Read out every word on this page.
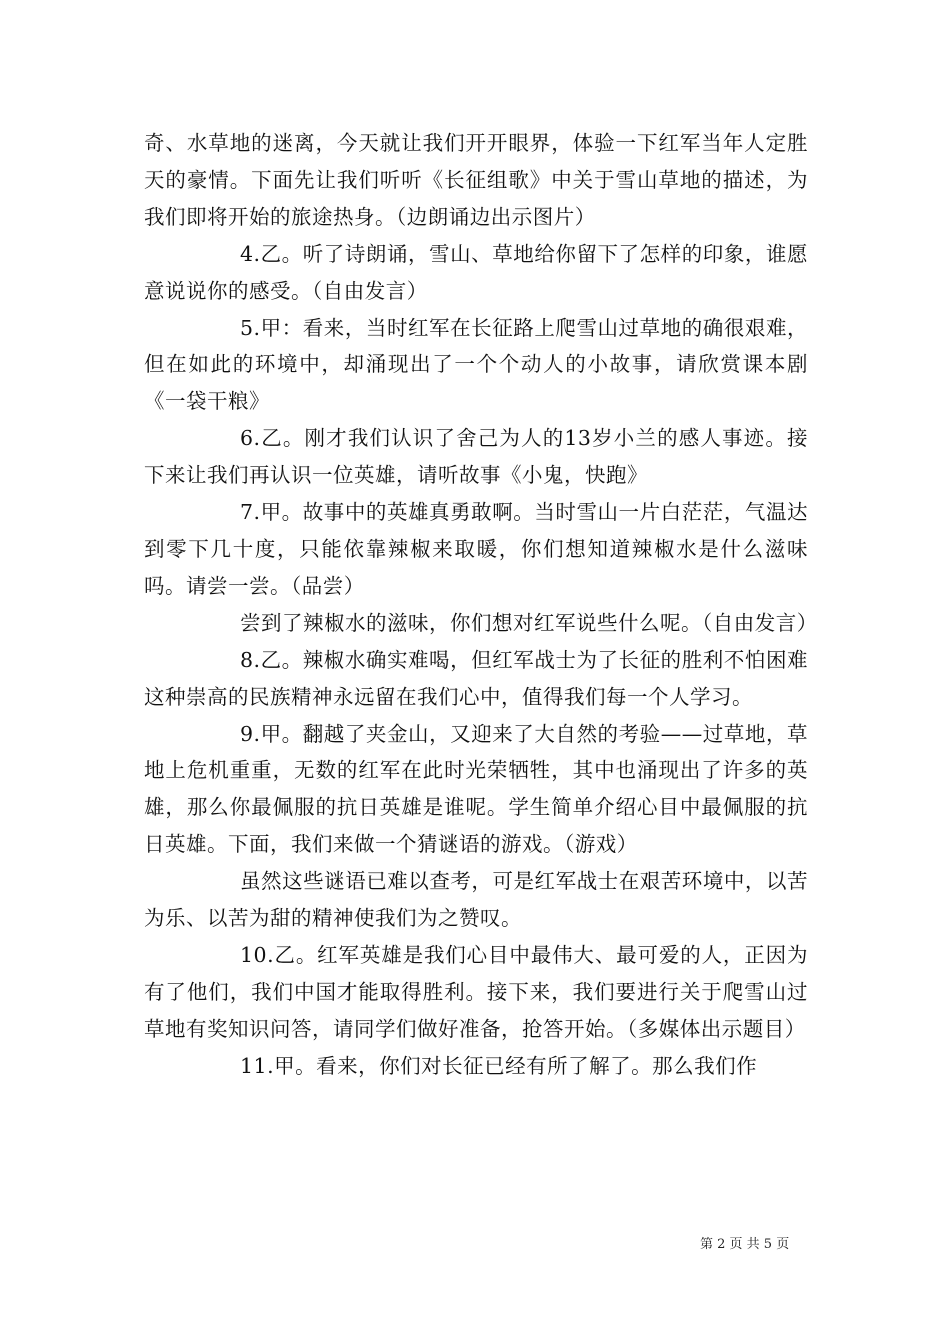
奇、水草地的迷离，今天就让我们开开眼界，体验一下红军当年人定胜天的豪情。下面先让我们听听《长征组歌》中关于雪山草地的描述，为我们即将开始的旅途热身。（边朗诵边出示图片）

4.乙。听了诗朗诵，雪山、草地给你留下了怎样的印象，谁愿意说说你的感受。（自由发言）

5.甲：看来，当时红军在长征路上爬雪山过草地的确很艰难，但在如此的环境中，却涌现出了一个个动人的小故事，请欣赏课本剧《一袋干粮》

6.乙。刚才我们认识了舍己为人的13岁小兰的感人事迹。接下来让我们再认识一位英雄，请听故事《小鬼，快跑》

7.甲。故事中的英雄真勇敢啊。当时雪山一片白茫茫，气温达到零下几十度，只能依靠辣椒来取暖，你们想知道辣椒水是什么滋味吗。请尝一尝。（品尝）

尝到了辣椒水的滋味，你们想对红军说些什么呢。（自由发言）

8.乙。辣椒水确实难喝，但红军战士为了长征的胜利不怕困难这种崇高的民族精神永远留在我们心中，值得我们每一个人学习。

9.甲。翻越了夹金山，又迎来了大自然的考验——过草地，草地上危机重重，无数的红军在此时光荣牺牲，其中也涌现出了许多的英雄，那么你最佩服的抗日英雄是谁呢。学生简单介绍心目中最佩服的抗日英雄。下面，我们来做一个猜谜语的游戏。（游戏）

虽然这些谜语已难以查考，可是红军战士在艰苦环境中，以苦为乐、以苦为甜的精神使我们为之赞叹。

10.乙。红军英雄是我们心目中最伟大、最可爱的人，正因为有了他们，我们中国才能取得胜利。接下来，我们要进行关于爬雪山过草地有奖知识问答，请同学们做好准备，抢答开始。（多媒体出示题目）

11.甲。看来，你们对长征已经有所了解了。那么我们作

第 2 页 共 5 页
